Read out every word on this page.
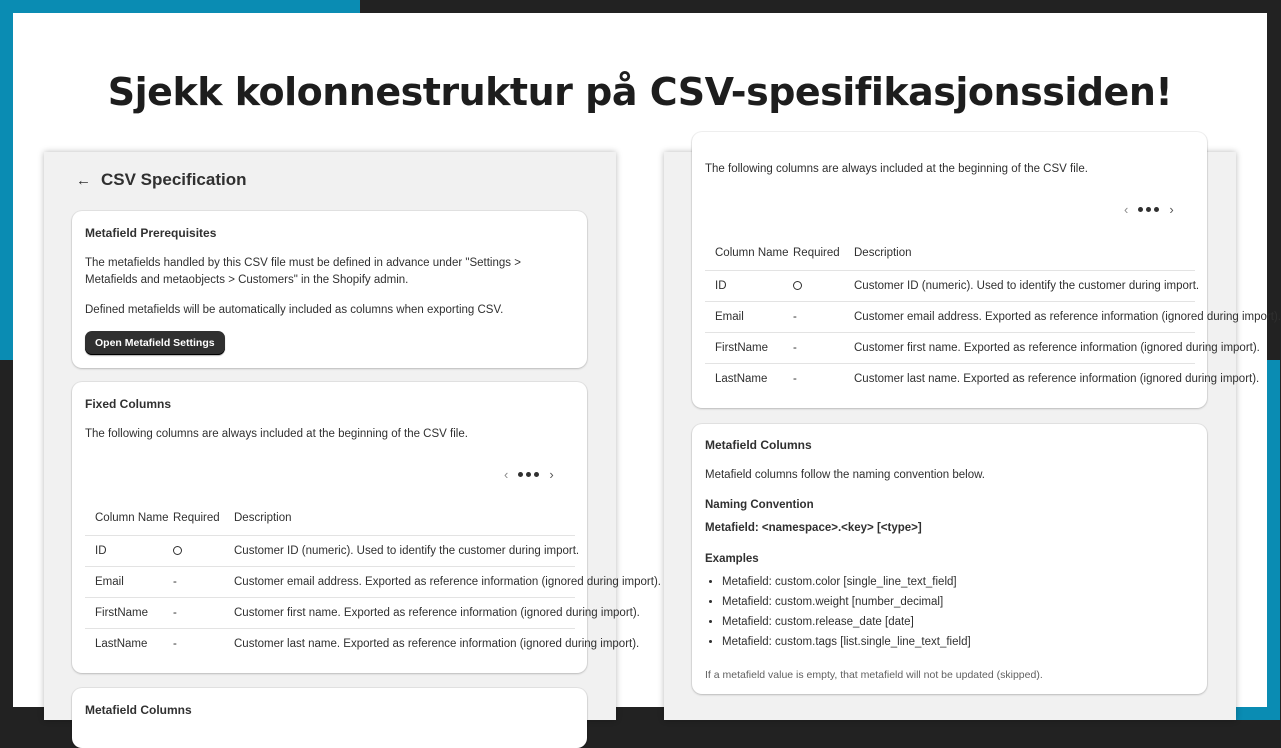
Sjekk kolonnestruktur på CSV-spesifikasjonssiden!
← CSV Specification
Metafield Prerequisites
The metafields handled by this CSV file must be defined in advance under "Settings >
Metafields and metaobjects > Customers" in the Shopify admin.
Defined metafields will be automatically included as columns when exporting CSV.
Open Metafield Settings
Fixed Columns
The following columns are always included at the beginning of the CSV file.
‹	›
Column Name	Required	Description
ID		Customer ID (numeric). Used to identify the customer during import.
Email	-	Customer email address. Exported as reference information (ignored during import).
FirstName	-	Customer first name. Exported as reference information (ignored during import).
LastName	-	Customer last name. Exported as reference information (ignored during import).
Metafield Columns
The following columns are always included at the beginning of the CSV file.
‹	›
Column Name	Required	Description
ID		Customer ID (numeric). Used to identify the customer during import.
Email	-	Customer email address. Exported as reference information (ignored during import).
FirstName	-	Customer first name. Exported as reference information (ignored during import).
LastName	-	Customer last name. Exported as reference information (ignored during import).
Metafield Columns
Metafield columns follow the naming convention below.
Naming Convention
Metafield: <namespace>.<key> [<type>]
Examples
• Metafield: custom.color [single_line_text_field]
• Metafield: custom.weight [number_decimal]
• Metafield: custom.release_date [date]
• Metafield: custom.tags [list.single_line_text_field]
If a metafield value is empty, that metafield will not be updated (skipped).
